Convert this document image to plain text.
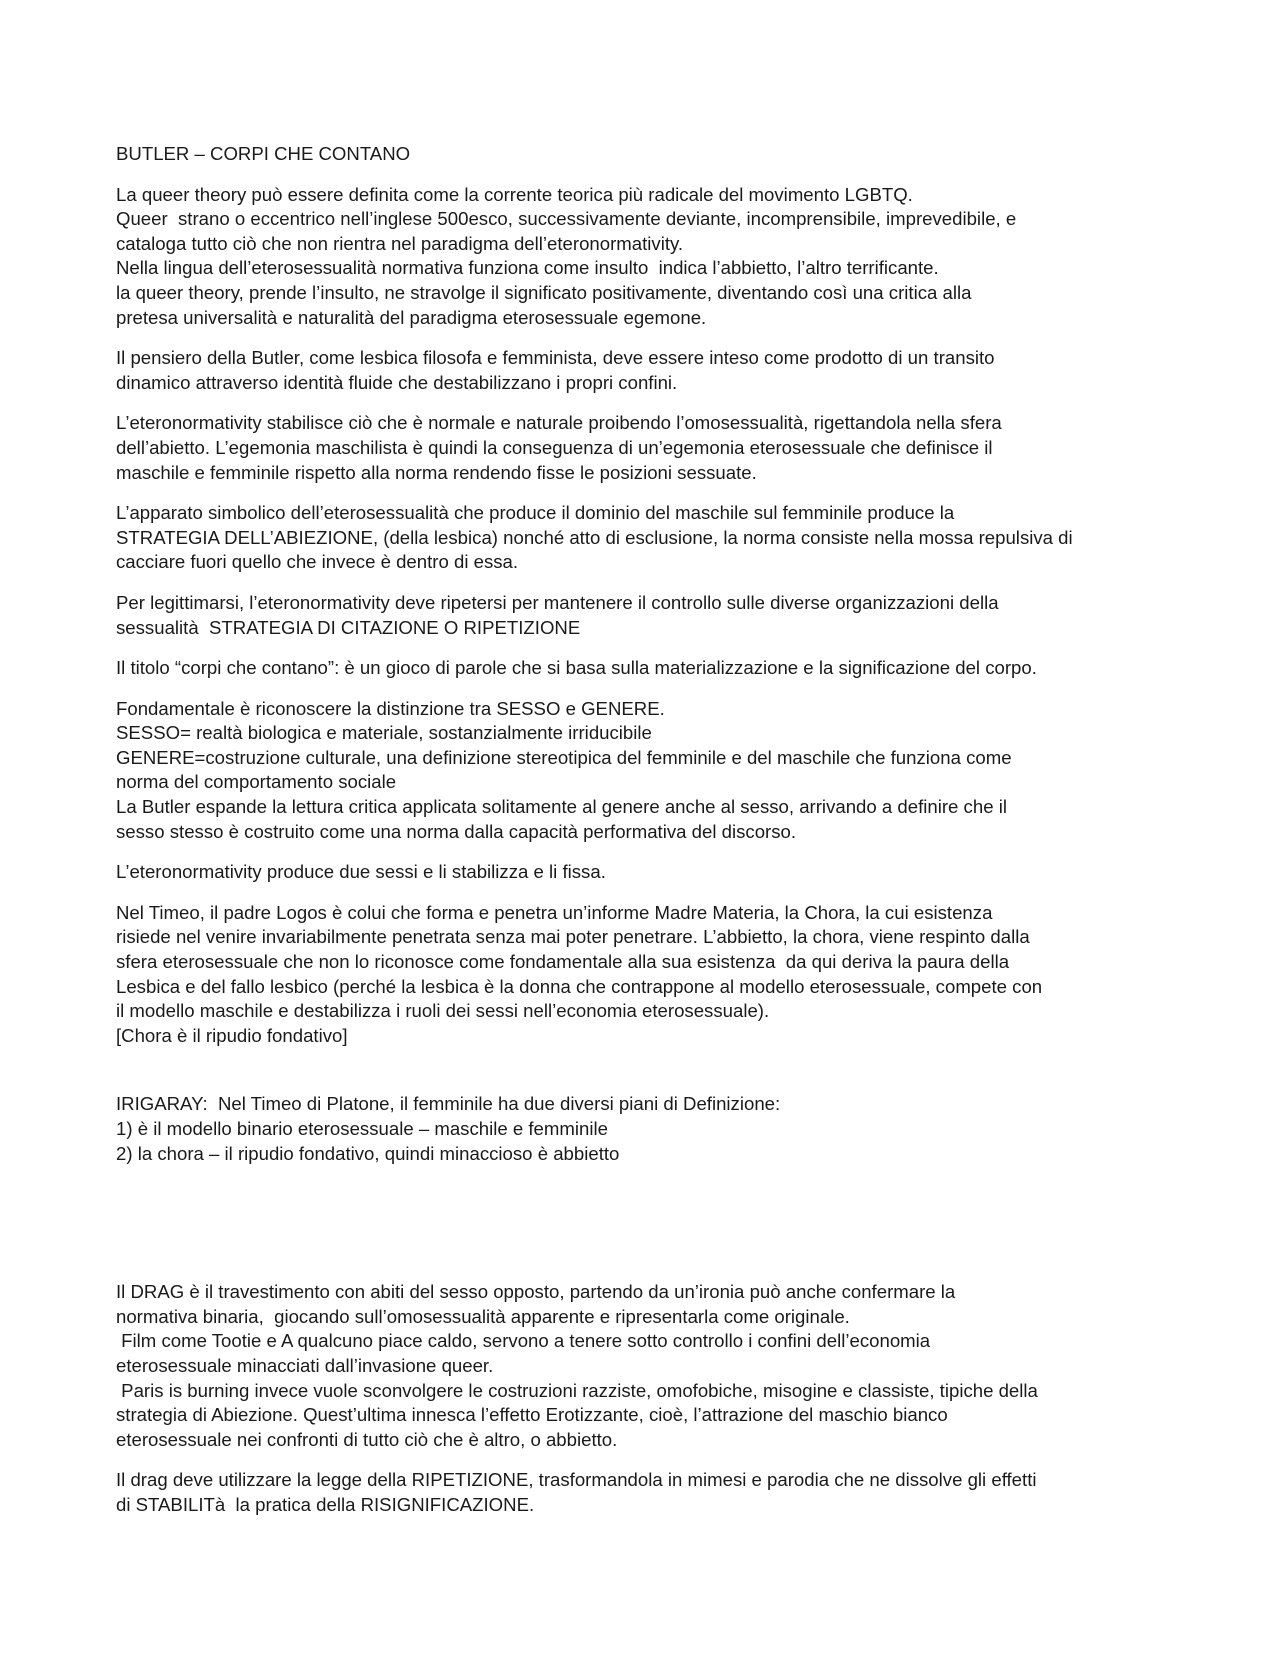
BUTLER – CORPI CHE CONTANO
La queer theory può essere definita come la corrente teorica più radicale del movimento LGBTQ.
Queer  strano o eccentrico nell’inglese 500esco, successivamente deviante, incomprensibile, imprevedibile, e
cataloga tutto ciò che non rientra nel paradigma dell’eteronormativity.
Nella lingua dell’eterosessualità normativa funziona come insulto  indica l’abbietto, l’altro terrificante.
la queer theory, prende l’insulto, ne stravolge il significato positivamente, diventando così una critica alla
pretesa universalità e naturalità del paradigma eterosessuale egemone.
Il pensiero della Butler, come lesbica filosofa e femminista, deve essere inteso come prodotto di un transito
dinamico attraverso identità fluide che destabilizzano i propri confini.
L’eteronormativity stabilisce ciò che è normale e naturale proibendo l’omosessualità, rigettandola nella sfera
dell’abietto. L’egemonia maschilista è quindi la conseguenza di un’egemonia eterosessuale che definisce il
maschile e femminile rispetto alla norma rendendo fisse le posizioni sessuate.
L’apparato simbolico dell’eterosessualità che produce il dominio del maschile sul femminile produce la
STRATEGIA DELL’ABIEZIONE, (della lesbica) nonché atto di esclusione, la norma consiste nella mossa repulsiva di
cacciare fuori quello che invece è dentro di essa.
Per legittimarsi, l’eteronormativity deve ripetersi per mantenere il controllo sulle diverse organizzazioni della
sessualità  STRATEGIA DI CITAZIONE O RIPETIZIONE
Il titolo “corpi che contano”: è un gioco di parole che si basa sulla materializzazione e la significazione del corpo.
Fondamentale è riconoscere la distinzione tra SESSO e GENERE.
SESSO= realtà biologica e materiale, sostanzialmente irriducibile
GENERE=costruzione culturale, una definizione stereotipica del femminile e del maschile che funziona come
norma del comportamento sociale
La Butler espande la lettura critica applicata solitamente al genere anche al sesso, arrivando a definire che il
sesso stesso è costruito come una norma dalla capacità performativa del discorso.
L’eteronormativity produce due sessi e li stabilizza e li fissa.
Nel Timeo, il padre Logos è colui che forma e penetra un’informe Madre Materia, la Chora, la cui esistenza
risiede nel venire invariabilmente penetrata senza mai poter penetrare. L’abbietto, la chora, viene respinto dalla
sfera eterosessuale che non lo riconosce come fondamentale alla sua esistenza  da qui deriva la paura della
Lesbica e del fallo lesbico (perché la lesbica è la donna che contrappone al modello eterosessuale, compete con
il modello maschile e destabilizza i ruoli dei sessi nell’economia eterosessuale).
[Chora è il ripudio fondativo]
IRIGARAY:  Nel Timeo di Platone, il femminile ha due diversi piani di Definizione:
1) è il modello binario eterosessuale – maschile e femminile
2) la chora – il ripudio fondativo, quindi minaccioso è abbietto
Il DRAG è il travestimento con abiti del sesso opposto, partendo da un’ironia può anche confermare la
normativa binaria,  giocando sull’omosessualità apparente e ripresentarla come originale.
Film come Tootie e A qualcuno piace caldo, servono a tenere sotto controllo i confini dell’economia
eterosessuale minacciati dall’invasione queer.
Paris is burning invece vuole sconvolgere le costruzioni razziste, omofobiche, misogine e classiste, tipiche della
strategia di Abiezione. Quest’ultima innesca l’effetto Erotizzante, cioè, l’attrazione del maschio bianco
eterosessuale nei confronti di tutto ciò che è altro, o abbietto.
Il drag deve utilizzare la legge della RIPETIZIONE, trasformandola in mimesi e parodia che ne dissolve gli effetti
di STABILITà  la pratica della RISIGNIFICAZIONE.
